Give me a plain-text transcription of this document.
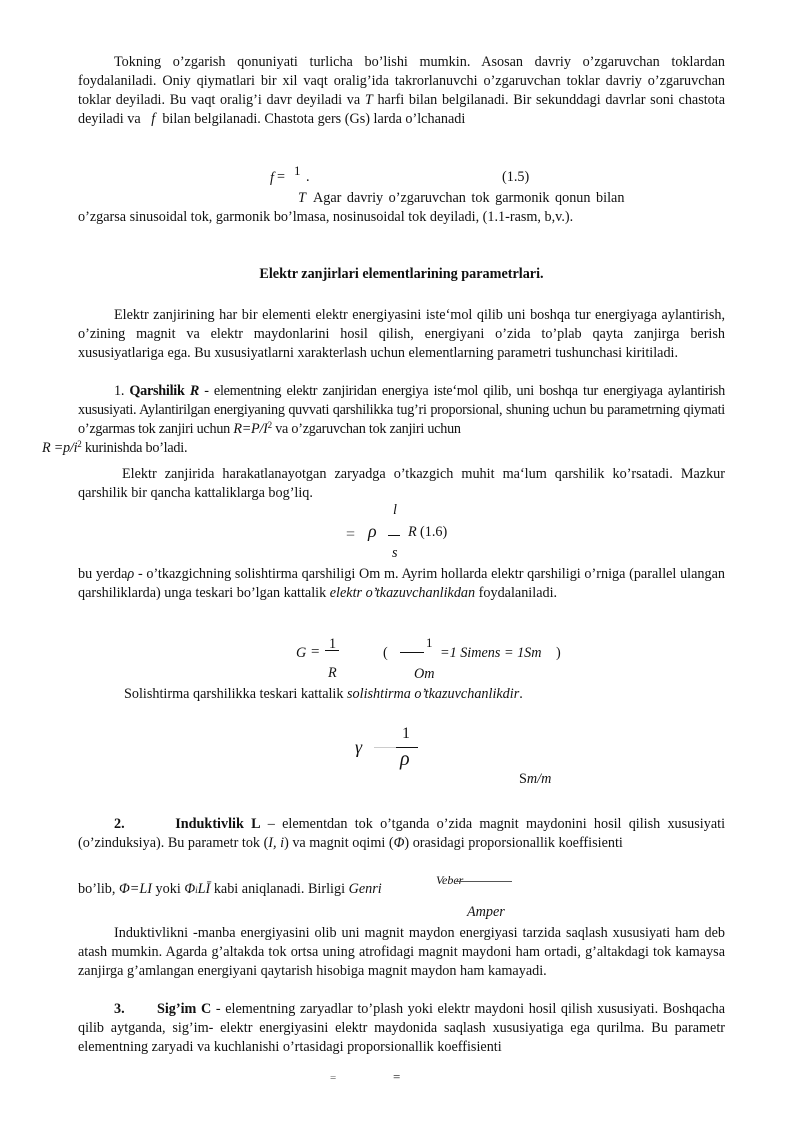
Tokning o’zgarish qonuniyati turlicha bo’lishi mumkin. Asosan davriy o’zgaruvchan toklardan foydalaniladi. Oniy qiymatlari bir xil vaqt oralig’ida takrorlanuvchi o’zgaruvchan toklar davriy o’zgaruvchan toklar deyiladi. Bu vaqt oralig’i davr deyiladi va T harfi bilan belgilanadi. Bir sekunddagi davrlar soni chastota deyiladi va f bilan belgilanadi. Chastota gers (Gs) larda o’lchanadi

f = 1 .	(1.5)

T Agar davriy o’zgaruvchan tok garmonik qonun bilan

o’zgarsa sinusoidal tok, garmonik bo’lmasa, nosinusoidal tok deyiladi, (1.1-rasm, b,v.).

Elektr zanjirlari elementlarining parametrlari.

Elektr zanjirining har bir elementi elektr energiyasini iste‘mol qilib uni boshqa tur energiyaga aylantirish, o’zining magnit va elektr maydonlarini hosil qilish, energiyani o’zida to’plab qayta zanjirga berish xususiyatlariga ega. Bu xususiyatlarni xarakterlash uchun elementlarning parametri tushunchasi kiritiladi.

1. Qarshilik R - elementning elektr zanjiridan energiya iste‘mol qilib, uni boshqa tur energiyaga aylantirish xususiyati. Aylantirilgan energiyaning quvvati qarshilikka tug’ri proporsional, shuning uchun bu parametrning qiymati o’zgarmas tok zanjiri uchun $R=P/I^2$ va o’zgaruvchan tok zanjiri uchun
$R =p/i^2$ kurinishda bo’ladi.

Elektr zanjirida harakatlanayotgan zaryadga o’tkazgich muhit ma‘lum qarshilik ko’rsatadi. Mazkur qarshilik bir qancha kattaliklarga bog’liq.

l
= ρ R (1.6)
s

bu yerdaρ - o’tkazgichning solishtirma qarshiligi Om m. Ayrim hollarda elektr qarshiligi o’rniga (parallel ulangan qarshiliklarda) unga teskari bo’lgan kattalik elektr o’tkazuvchanlikdan foydalaniladi.

G = 1
R
(
1
=1 Simens = 1Sm )
Om

Solishtirma qarshilikka teskari kattalik solishtirma o’tkazuvchanlikdir.

γ
1
ρ
Sm/m

2.	Induktivlik L – elementdan tok o’tganda o’zida magnit maydonini hosil qilish xususiyati (o’zinduksiya). Bu parametr tok (I, i) va magnit oqimi (Φ) orasidagi proporsionallik koeffisienti

bo’lib, Φ=LI yoki ΦiLĪ kabi aniqlanadi. Birligi Genri
Veber
Amper

Induktivlikni -manba energiyasini olib uni magnit maydon energiyasi tarzida saqlash xususiyati ham deb atash mumkin. Agarda g’altakda tok ortsa uning atrofidagi magnit maydoni ham ortadi, g’altakdagi tok kamaysa zanjirga g’amlangan energiyani qaytarish hisobiga magnit maydon ham kamayadi.

3. Sig’im C - elementning zaryadlar to’plash yoki elektr maydoni hosil qilish xususiyati. Boshqacha qilib aytganda, sig’im- elektr energiyasini elektr maydonida saqlash xususiyatiga ega qurilma. Bu parametr elementning zaryadi va kuchlanishi o’rtasidagi proporsionallik koeffisienti

=	=
